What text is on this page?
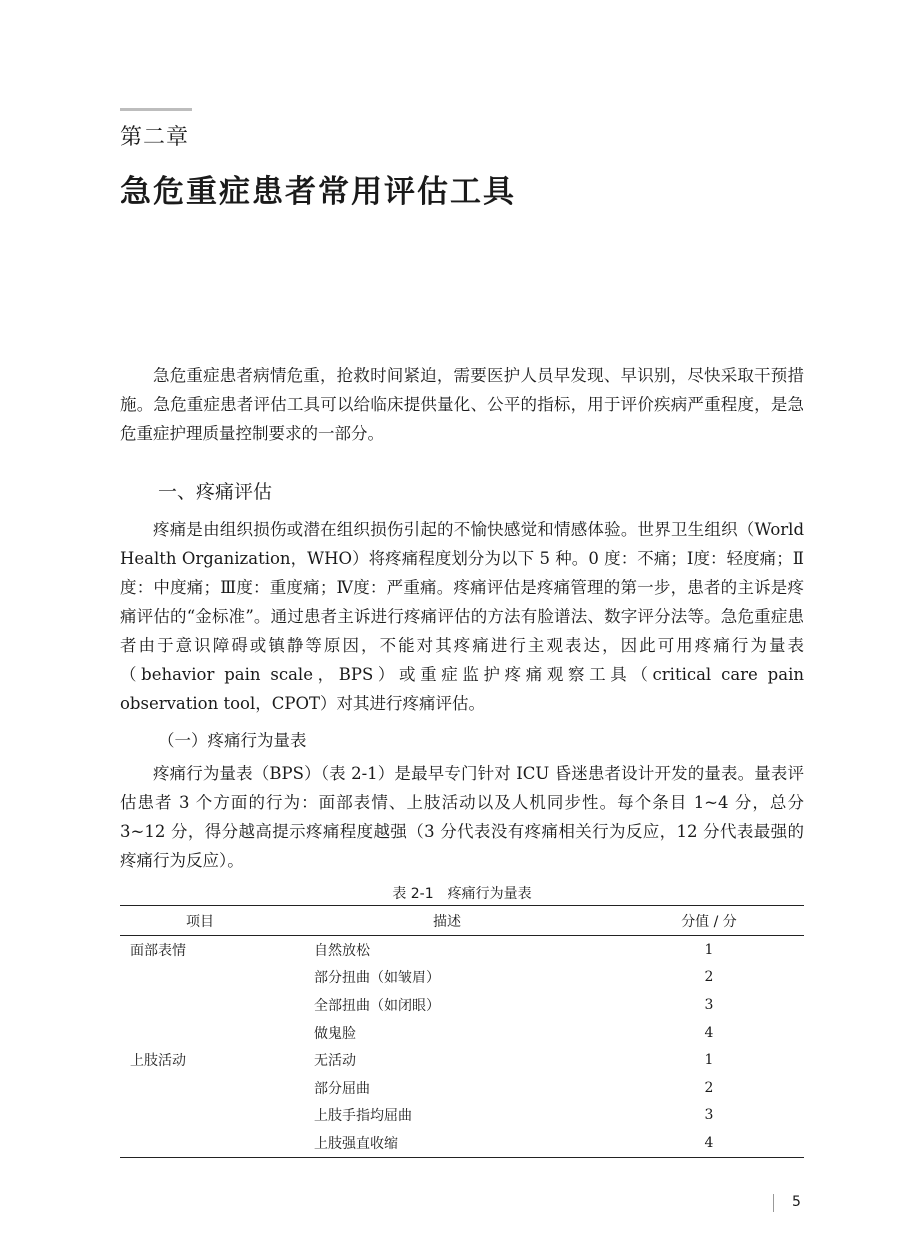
第二章
急危重症患者常用评估工具

急危重症患者病情危重，抢救时间紧迫，需要医护人员早发现、早识别，尽快采取干预措施。急危重症患者评估工具可以给临床提供量化、公平的指标，用于评价疾病严重程度，是急危重症护理质量控制要求的一部分。

一、疼痛评估

疼痛是由组织损伤或潜在组织损伤引起的不愉快感觉和情感体验。世界卫生组织（World Health Organization，WHO）将疼痛程度划分为以下 5 种。0 度：不痛；Ⅰ度：轻度痛；Ⅱ度：中度痛；Ⅲ度：重度痛；Ⅳ度：严重痛。疼痛评估是疼痛管理的第一步，患者的主诉是疼痛评估的“金标准”。通过患者主诉进行疼痛评估的方法有脸谱法、数字评分法等。急危重症患者由于意识障碍或镇静等原因，不能对其疼痛进行主观表达，因此可用疼痛行为量表（behavior pain scale，BPS）或重症监护疼痛观察工具（critical care pain observation tool，CPOT）对其进行疼痛评估。

（一）疼痛行为量表

疼痛行为量表（BPS）（表 2-1）是最早专门针对 ICU 昏迷患者设计开发的量表。量表评估患者 3 个方面的行为：面部表情、上肢活动以及人机同步性。每个条目 1~4 分，总分 3~12 分，得分越高提示疼痛程度越强（3 分代表没有疼痛相关行为反应，12 分代表最强的疼痛行为反应）。

表 2-1　疼痛行为量表
项目	描述	分值 / 分
面部表情	自然放松	1
	部分扭曲（如皱眉）	2
	全部扭曲（如闭眼）	3
	做鬼脸	4
上肢活动	无活动	1
	部分屈曲	2
	上肢手指均屈曲	3
	上肢强直收缩	4
5
